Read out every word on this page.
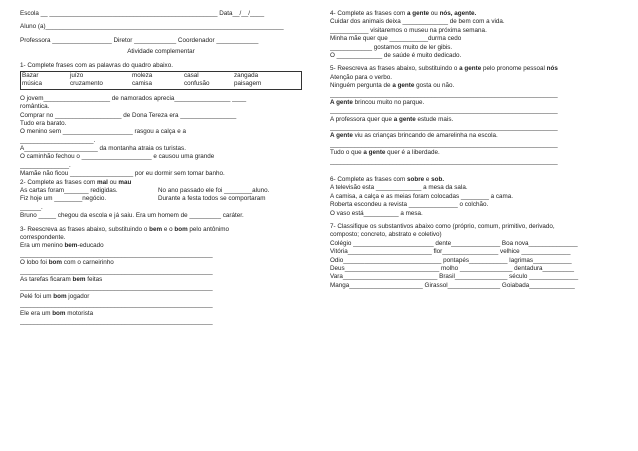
Escola __ ________________________________________________ Data__/__/____
Aluno (a)____________________________________________________________________
Professora _________________ Diretor ____________ Coordenador ____________
Atividade complementar
1- Complete frases com as palavras do quadro abaixo.
Bazar	juízo	moleza	casal	zangada
música	cruzamento	camisa	confusão	paisagem
O jovem___________________ de namorados aprecia________________ ____
romântica.
Comprar no ___________________ de Dona Tereza era ________________
Tudo era barato.
O menino sem ____________________ rasgou a calça e a
_____________________.
A_____________________ da montanha atraia os turistas.
O caminhão fechou o ____________________ e causou uma grande
______________.
Mamãe não ficou __________________ por eu dormir sem tomar banho.
2- Complete as frases com mal ou mau
As cartas foram_______ redigidas.	No ano passado ele foi ________aluno.
Fiz hoje um ________negócio.	Durante a festa todos se comportaram
______.
Bruno _____ chegou da escola e já saiu. Era um homem de _________ caráter.
3- Reescreva as frases abaixo, substituindo o bem e o bom pelo antônimo
correspondente.
Era um menino bem-educado
_______________________________________________________
O lobo foi bom com o carneirinho
_______________________________________________________
As tarefas ficaram bem feitas
_______________________________________________________
Pelé foi um bom jogador
_______________________________________________________
Ele era um bom motorista
_______________________________________________________
4- Complete as frases com a gente ou nós, agente.
Cuidar dos animais deixa _____________ de bem com a vida.
___________ visitaremos o museu na próxima semana.
Minha mãe quer que ___________durma cedo
____________ gostamos muito de ler gibis.
O _____________ de saúde é muito dedicado.
5- Reescreva as frases abaixo, substituindo o a gente pelo pronome pessoal nós
Atenção para o verbo.
Ninguém pergunta de a gente gosta ou não.
_________________________________________________________________
A gente brincou muito no parque.
_________________________________________________________________
A professora quer que a gente estude mais.
_________________________________________________________________
A gente viu as crianças brincando de amarelinha na escola.
_________________________________________________________________
Tudo o que a gente quer é a liberdade.
_________________________________________________________________
6- Complete as frases com sobre e sob.
A televisão esta _____________ a mesa da sala.
A camisa, a calça e as meias foram colocadas ________ a cama.
Roberta escondeu a revista ______________ o colchão.
O vaso está__________ a mesa.
7- Classifique os substantivos abaixo como (próprio, comum, primitivo, derivado,
composto; concreto, abstrato e coletivo)
Colégio _______________________ dente______________ Boa nova______________
Vitória________________________ flor________________ velhice ______________
Ódio____________________________ pontapés___________ lagrimas___________
Deus___________________________ molho _______________ dentadura_________
Vara___________________________ Brasil_______________ século ______________
Manga_____________________ Girassol_______________ Goiabada_____________
